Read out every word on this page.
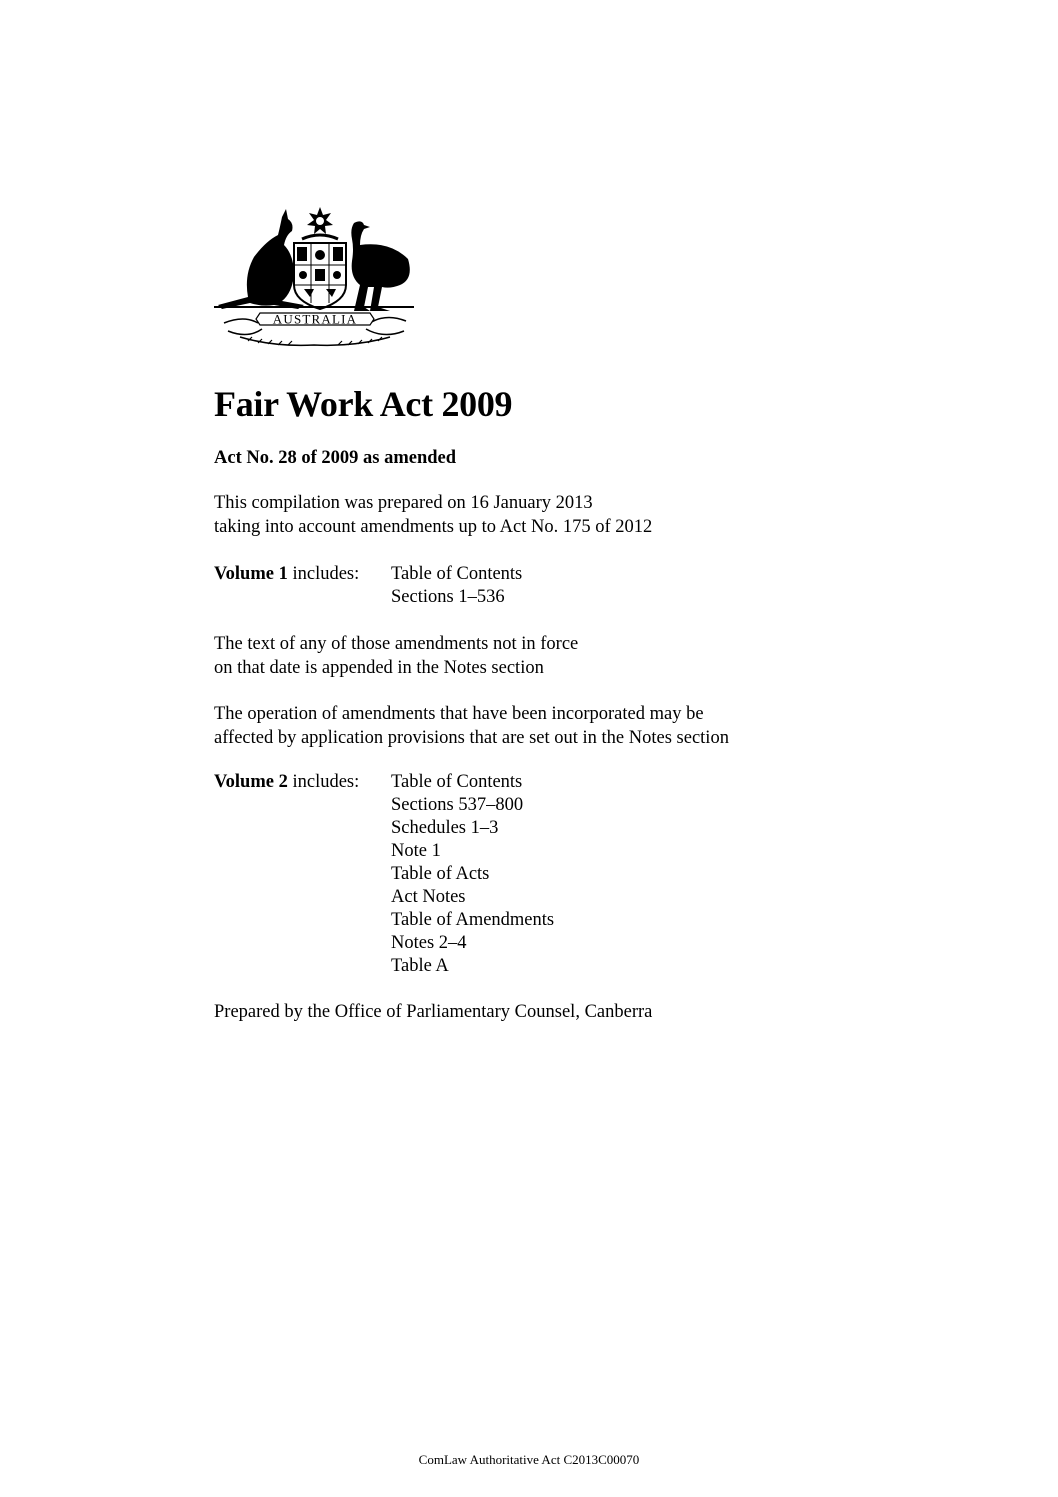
AUSTRALIA
Fair Work Act 2009

Act No. 28 of 2009 as amended

This compilation was prepared on 16 January 2013
taking into account amendments up to Act No. 175 of 2012

Volume 1 includes: Table of Contents
Sections 1–536

The text of any of those amendments not in force
on that date is appended in the Notes section

The operation of amendments that have been incorporated may be
affected by application provisions that are set out in the Notes section

Volume 2 includes: Table of Contents
Sections 537–800
Schedules 1–3
Note 1
Table of Acts
Act Notes
Table of Amendments
Notes 2–4
Table A

Prepared by the Office of Parliamentary Counsel, Canberra

ComLaw Authoritative Act C2013C00070
